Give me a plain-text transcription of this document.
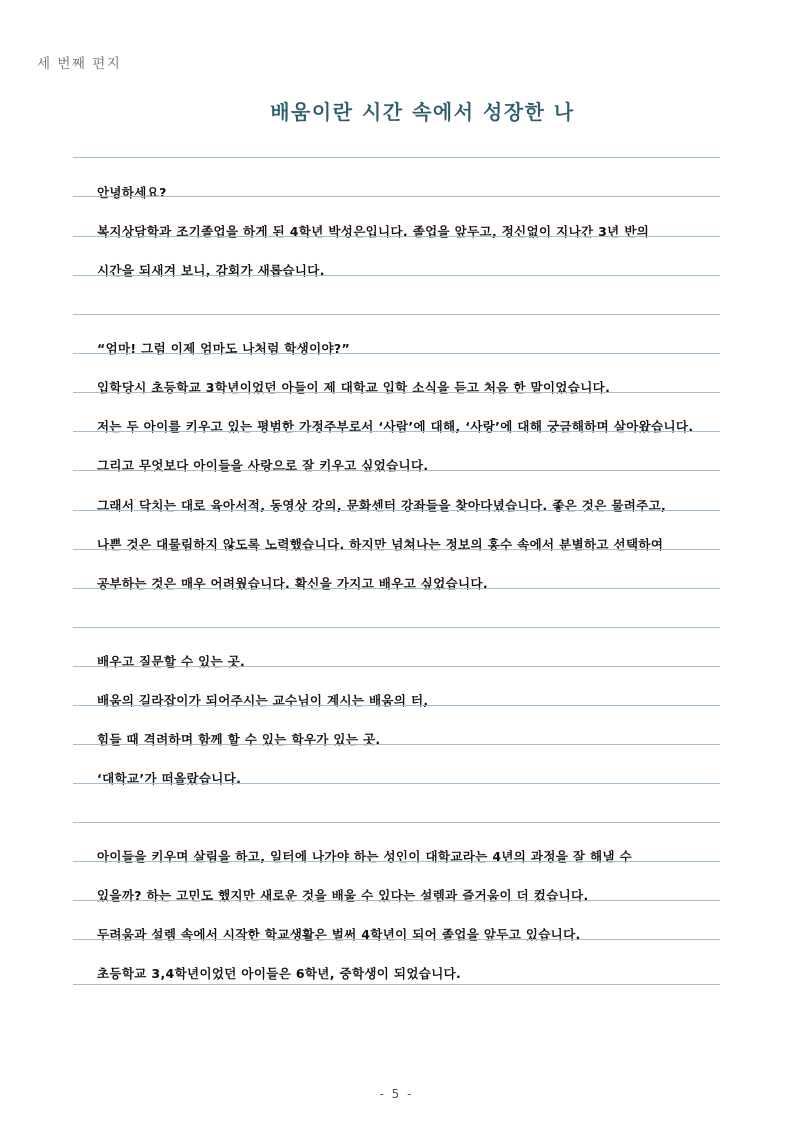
세 번째 편지
배움이란 시간 속에서 성장한 나
안녕하세요?
복지상담학과 조기졸업을 하게 된 4학년 박성은입니다. 졸업을 앞두고, 정신없이 지나간 3년 반의
시간을 되새겨 보니, 감회가 새롭습니다.
“엄마! 그럼 이제 엄마도 나처럼 학생이야?”
입학당시 초등학교 3학년이었던 아들이 제 대학교 입학 소식을 듣고 처음 한 말이었습니다.
저는 두 아이를 키우고 있는 평범한 가정주부로서 ‘사람’에 대해, ‘사랑’에 대해 궁금해하며 살아왔습니다.
그리고 무엇보다 아이들을 사랑으로 잘 키우고 싶었습니다.
그래서 닥치는 대로 육아서적, 동영상 강의, 문화센터 강좌들을 찾아다녔습니다. 좋은 것은 물려주고,
나쁜 것은 대물림하지 않도록 노력했습니다. 하지만 넘쳐나는 정보의 홍수 속에서 분별하고 선택하여
공부하는 것은 매우 어려웠습니다. 확신을 가지고 배우고 싶었습니다.
배우고 질문할 수 있는 곳.
배움의 길라잡이가 되어주시는 교수님이 계시는 배움의 터,
힘들 때 격려하며 함께 할 수 있는 학우가 있는 곳.
‘대학교’가 떠올랐습니다.
아이들을 키우며 살림을 하고, 일터에 나가야 하는 성인이 대학교라는 4년의 과정을 잘 해낼 수
있을까? 하는 고민도 했지만 새로운 것을 배울 수 있다는 설렘과 즐거움이 더 컸습니다.
두려움과 설렘 속에서 시작한 학교생활은 벌써 4학년이 되어 졸업을 앞두고 있습니다.
초등학교 3,4학년이었던 아이들은 6학년, 중학생이 되었습니다.
- 5 -
